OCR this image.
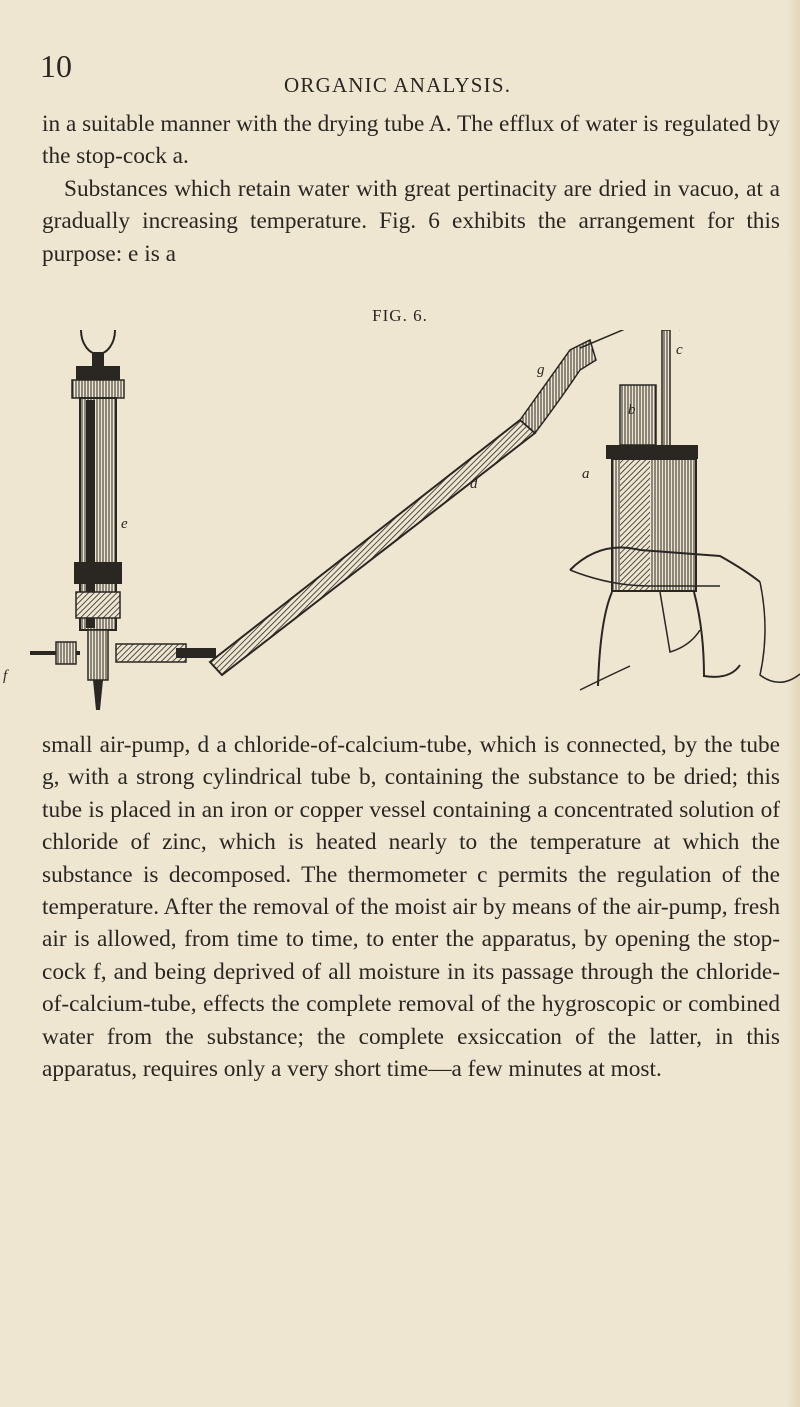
10
ORGANIC ANALYSIS.

in a suitable manner with the drying tube A. The efflux of water is regulated by the stop-cock a.

Substances which retain water with great pertinacity are dried in vacuo, at a gradually increasing temperature. Fig. 6 exhibits the arrangement for this purpose: e is a

FIG. 6.
g
b
c
a
d
e
f

small air-pump, d a chloride-of-calcium-tube, which is connected, by the tube g, with a strong cylindrical tube b, containing the substance to be dried; this tube is placed in an iron or copper vessel containing a concentrated solution of chloride of zinc, which is heated nearly to the temperature at which the substance is decomposed. The thermometer c permits the regulation of the temperature. After the removal of the moist air by means of the air-pump, fresh air is allowed, from time to time, to enter the apparatus, by opening the stop-cock f, and being deprived of all moisture in its passage through the chloride-of-calcium-tube, effects the complete removal of the hygroscopic or combined water from the substance; the complete exsiccation of the latter, in this apparatus, requires only a very short time—a few minutes at most.
